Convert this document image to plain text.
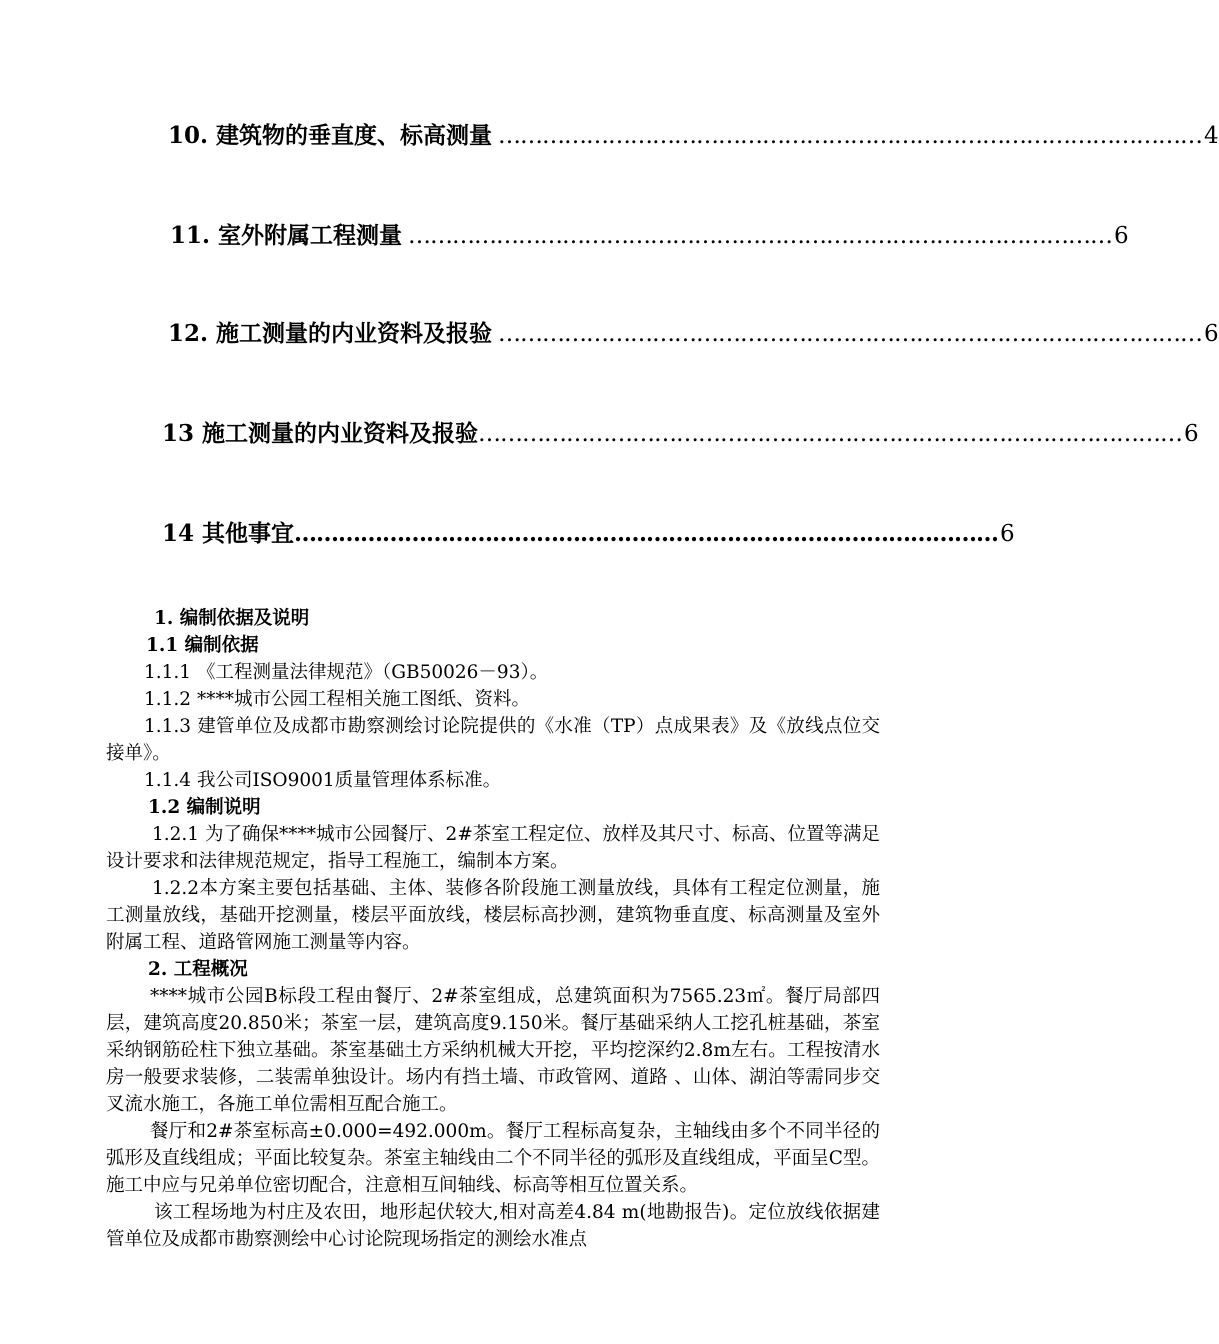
10. 建筑物的垂直度、标高测量 …………………………………………………………………………………… 4
11. 室外附属工程测量 …………………………………………………………………………………… 6
12. 施工测量的内业资料及报验 …………………………………………………………………………………… 6
13 施工测量的内业资料及报验 …………………………………………………………………………………… 6
14 其他事宜 …………………………………………………………………………………… 6

1. 编制依据及说明

1.1 编制依据

1.1.1 《工程测量法律规范》（GB50026－93）。

1.1.2 ****城市公园工程相关施工图纸、资料。

1.1.3 建管单位及成都市勘察测绘讨论院提供的《水准（TP）点成果表》及《放线点位交接单》。

1.1.4 我公司ISO9001质量管理体系标准。

1.2 编制说明

1.2.1 为了确保****城市公园餐厅、2#茶室工程定位、放样及其尺寸、标高、位置等满足设计要求和法律规范规定，指导工程施工，编制本方案。

1.2.2本方案主要包括基础、主体、装修各阶段施工测量放线，具体有工程定位测量，施工测量放线，基础开挖测量，楼层平面放线，楼层标高抄测，建筑物垂直度、标高测量及室外附属工程、道路管网施工测量等内容。

2. 工程概况

****城市公园B标段工程由餐厅、2#茶室组成，总建筑面积为7565.23㎡。餐厅局部四层，建筑高度20.850米；茶室一层，建筑高度9.150米。餐厅基础采纳人工挖孔桩基础，茶室采纳钢筋砼柱下独立基础。茶室基础土方采纳机械大开挖，平均挖深约2.8m左右。工程按清水房一般要求装修，二装需单独设计。场内有挡土墙、市政管网、道路 、山体、湖泊等需同步交叉流水施工，各施工单位需相互配合施工。

餐厅和2#茶室标高±0.000=492.000m。餐厅工程标高复杂，主轴线由多个不同半径的弧形及直线组成；平面比较复杂。茶室主轴线由二个不同半径的弧形及直线组成，平面呈C型。施工中应与兄弟单位密切配合，注意相互间轴线、标高等相互位置关系。

该工程场地为村庄及农田，地形起伏较大,相对高差4.84 m(地勘报告)。定位放线依据建管单位及成都市勘察测绘中心讨论院现场指定的测绘水准点
